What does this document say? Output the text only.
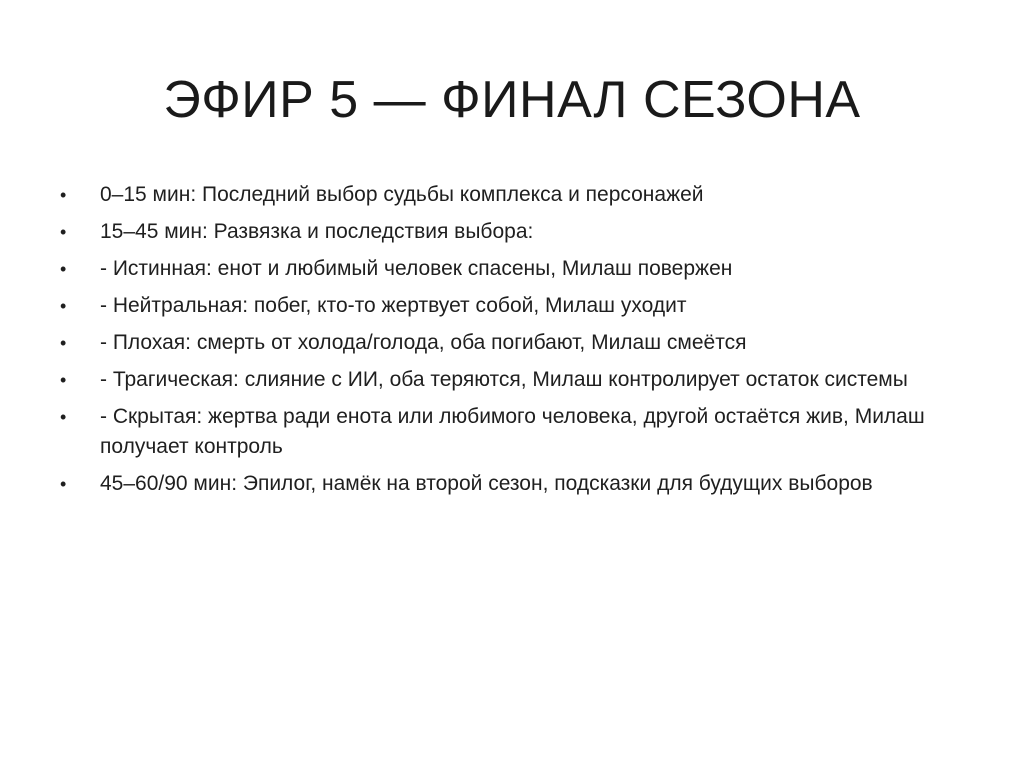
ЭФИР 5 — ФИНАЛ СЕЗОНА
•	0–15 мин: Последний выбор судьбы комплекса и персонажей
•	15–45 мин: Развязка и последствия выбора:
•	- Истинная: енот и любимый человек спасены, Милаш повержен
•	- Нейтральная: побег, кто-то жертвует собой, Милаш уходит
•	- Плохая: смерть от холода/голода, оба погибают, Милаш смеётся
•	- Трагическая: слияние с ИИ, оба теряются, Милаш контролирует остаток системы
•	- Скрытая: жертва ради енота или любимого человека, другой остаётся жив, Милаш получает контроль
•	45–60/90 мин: Эпилог, намёк на второй сезон, подсказки для будущих выборов
